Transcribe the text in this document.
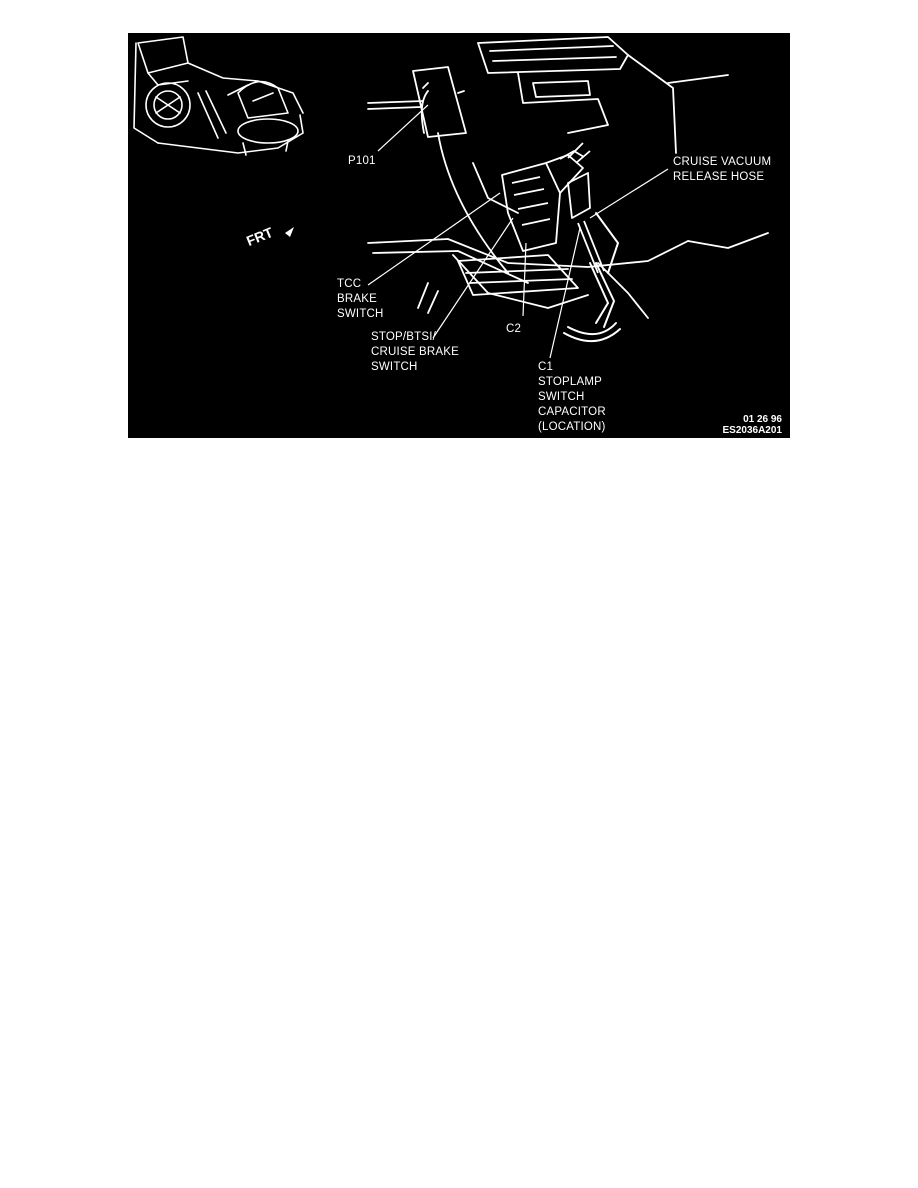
FRT
P101	CRUISE VACUUM
RELEASE HOSE
TCC
BRAKE
SWITCH
STOP/BTSI/
CRUISE BRAKE
SWITCH
C2
C1
STOPLAMP
SWITCH
CAPACITOR
(LOCATION)
01 26 96
ES2036A201
